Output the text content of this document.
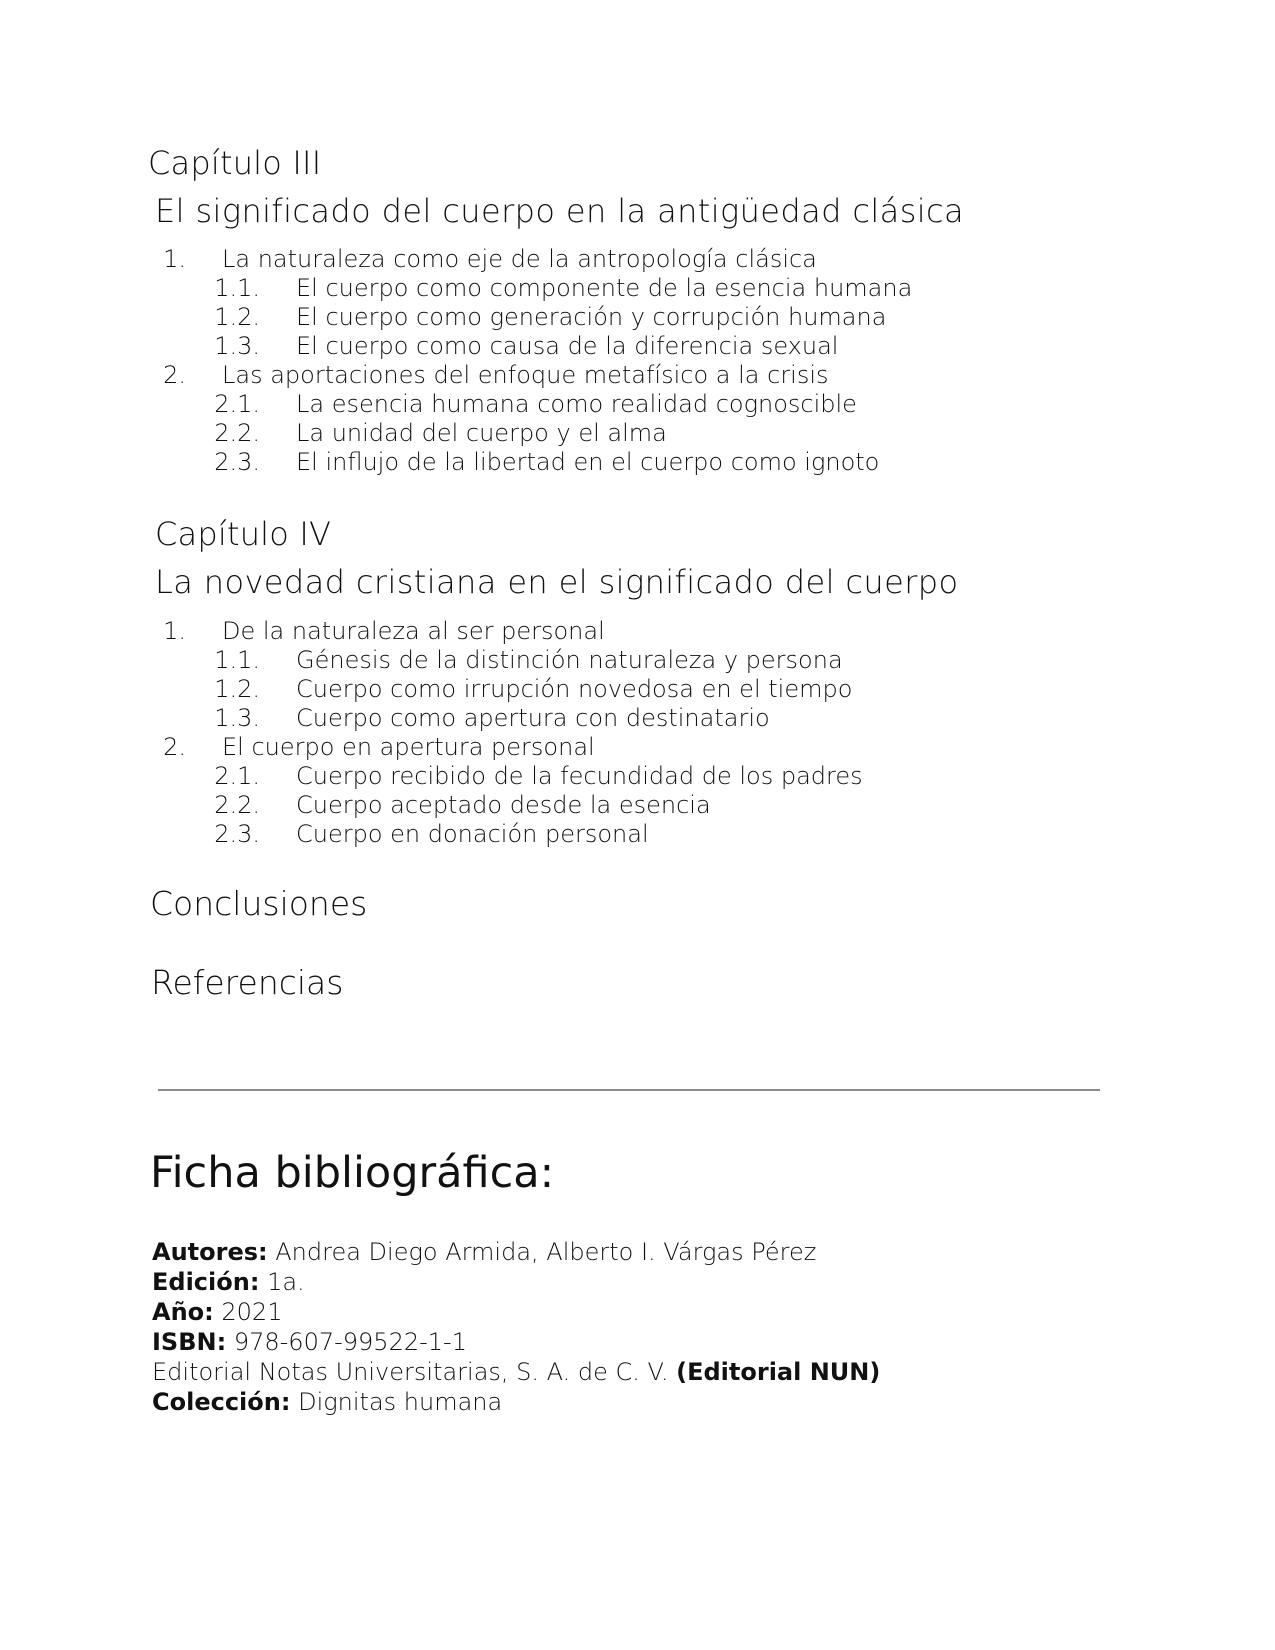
Capítulo III
El significado del cuerpo en la antigüedad clásica
1. La naturaleza como eje de la antropología clásica
1.1. El cuerpo como componente de la esencia humana
1.2. El cuerpo como generación y corrupción humana
1.3. El cuerpo como causa de la diferencia sexual
2. Las aportaciones del enfoque metafísico a la crisis
2.1. La esencia humana como realidad cognoscible
2.2. La unidad del cuerpo y el alma
2.3. El influjo de la libertad en el cuerpo como ignoto
Capítulo IV
La novedad cristiana en el significado del cuerpo
1. De la naturaleza al ser personal
1.1. Génesis de la distinción naturaleza y persona
1.2. Cuerpo como irrupción novedosa en el tiempo
1.3. Cuerpo como apertura con destinatario
2. El cuerpo en apertura personal
2.1. Cuerpo recibido de la fecundidad de los padres
2.2. Cuerpo aceptado desde la esencia
2.3. Cuerpo en donación personal
Conclusiones
Referencias
Ficha bibliográfica:
Autores: Andrea Diego Armida, Alberto I. Várgas Pérez
Edición: 1a.
Año: 2021
ISBN: 978-607-99522-1-1
Editorial Notas Universitarias, S. A. de C. V. (Editorial NUN)
Colección: Dignitas humana
